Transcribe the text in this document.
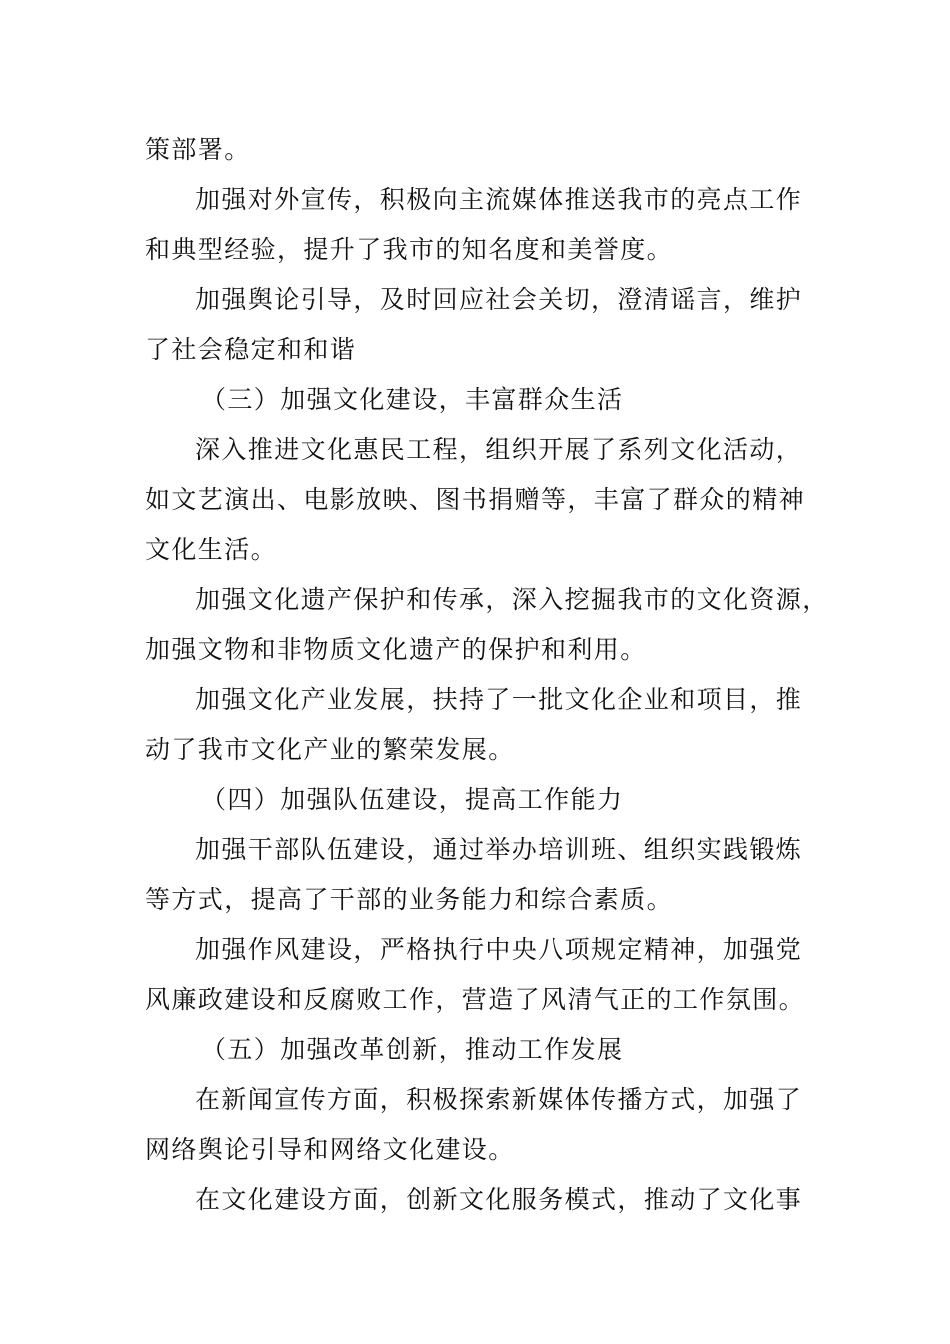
策部署。
加强对外宣传，积极向主流媒体推送我市的亮点工作
和典型经验，提升了我市的知名度和美誉度。
加强舆论引导，及时回应社会关切，澄清谣言，维护
了社会稳定和和谐
（三）加强文化建设，丰富群众生活
深入推进文化惠民工程，组织开展了系列文化活动，
如文艺演出、电影放映、图书捐赠等，丰富了群众的精神
文化生活。
加强文化遗产保护和传承，深入挖掘我市的文化资源，
加强文物和非物质文化遗产的保护和利用。
加强文化产业发展，扶持了一批文化企业和项目，推
动了我市文化产业的繁荣发展。
（四）加强队伍建设，提高工作能力
加强干部队伍建设，通过举办培训班、组织实践锻炼
等方式，提高了干部的业务能力和综合素质。
加强作风建设，严格执行中央八项规定精神，加强党
风廉政建设和反腐败工作，营造了风清气正的工作氛围。
（五）加强改革创新，推动工作发展
在新闻宣传方面，积极探索新媒体传播方式，加强了
网络舆论引导和网络文化建设。
在文化建设方面，创新文化服务模式，推动了文化事
